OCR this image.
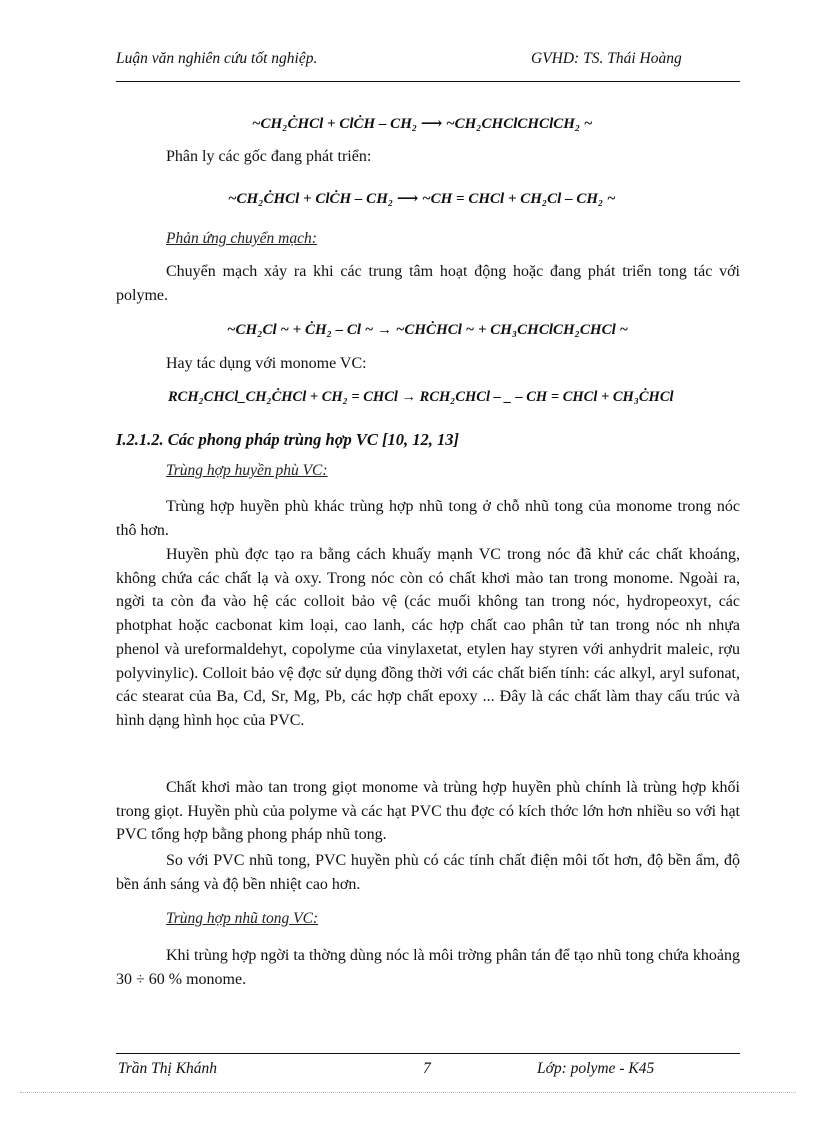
Luận văn nghiên cứu tốt nghiệp.	GVHD: TS. Thái Hoàng
~CH₂ĊHCl + ClĊH – CH₂ ⟶ ~CH₂CHClCHClCH₂ ~

Phân ly các gốc đang phát triển:

~CH₂ĊHCl + ClĊH – CH₂ ⟶ ~CH = CHCl + CH₂Cl – CH₂ ~
Phản ứng chuyển mạch:

Chuyển mạch xảy ra khi các trung tâm hoạt động hoặc đang phát triển tong tác với polyme.

~CH₂Cl ~ + ĊH₂ – Cl ~ → ~CHĊHCl ~ + CH₃CHClCH₂CHCl ~

Hay tác dụng với monome VC:

RCH₂CHCl_CH₂ĊHCl + CH₂ = CHCl → RCH₂CHCl – _ – CH = CHCl + CH₃ĊHCl
I.2.1.2. Các phong pháp trùng hợp VC [10, 12, 13]
Trùng hợp huyền phù VC:

Trùng hợp huyền phù khác trùng hợp nhũ tong ở chỗ nhũ tong của monome trong nóc thô hơn.

Huyền phù đợc tạo ra bằng cách khuấy mạnh VC trong nóc đã khử các chất khoáng, không chứa các chất lạ và oxy. Trong nóc còn có chất khơi mào tan trong monome. Ngoài ra, ngời ta còn đa vào hệ các colloit bảo vệ (các muối không tan trong nóc, hydropeoxyt, các photphat hoặc cacbonat kim loại, cao lanh, các hợp chất cao phân tử tan trong nóc nh nhựa phenol và ureformaldehyt, copolyme của vinylaxetat, etylen hay styren với anhydrit maleic, rợu polyvinylic). Colloit bảo vệ đợc sử dụng đồng thời với các chất biến tính: các alkyl, aryl sufonat, các stearat của Ba, Cd, Sr, Mg, Pb, các hợp chất epoxy ... Đây là các chất làm thay cấu trúc và hình dạng hình học của PVC.

Chất khơi mào tan trong giọt monome và trùng hợp huyền phù chính là trùng hợp khối trong giọt. Huyền phù của polyme và các hạt PVC thu đợc có kích thớc lớn hơn nhiều so với hạt PVC tổng hợp bằng phong pháp nhũ tong.

So với PVC nhũ tong, PVC huyền phù có các tính chất điện môi tốt hơn, độ bền ẩm, độ bền ánh sáng và độ bền nhiệt cao hơn.

Trùng hợp nhũ tong VC:

Khi trùng hợp ngời ta thờng dùng nóc là môi trờng phân tán để tạo nhũ tong chứa khoảng 30 ÷ 60 % monome.

Trần Thị Khánh	7	Lớp: polyme - K45
